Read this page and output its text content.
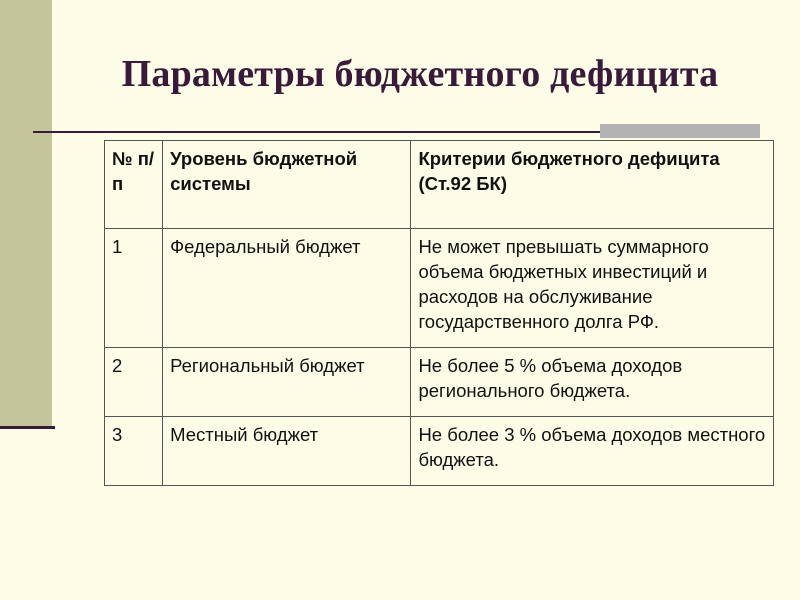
Параметры бюджетного дефицита
№ п/п	Уровень бюджетной системы	Критерии бюджетного дефицита (Ст.92 БК)
1	Федеральный бюджет	Не может превышать суммарного объема бюджетных инвестиций и расходов на обслуживание государственного долга РФ.
2	Региональный бюджет	Не более 5 % объема доходов регионального бюджета.
3	Местный бюджет	Не более 3 % объема доходов местного бюджета.
